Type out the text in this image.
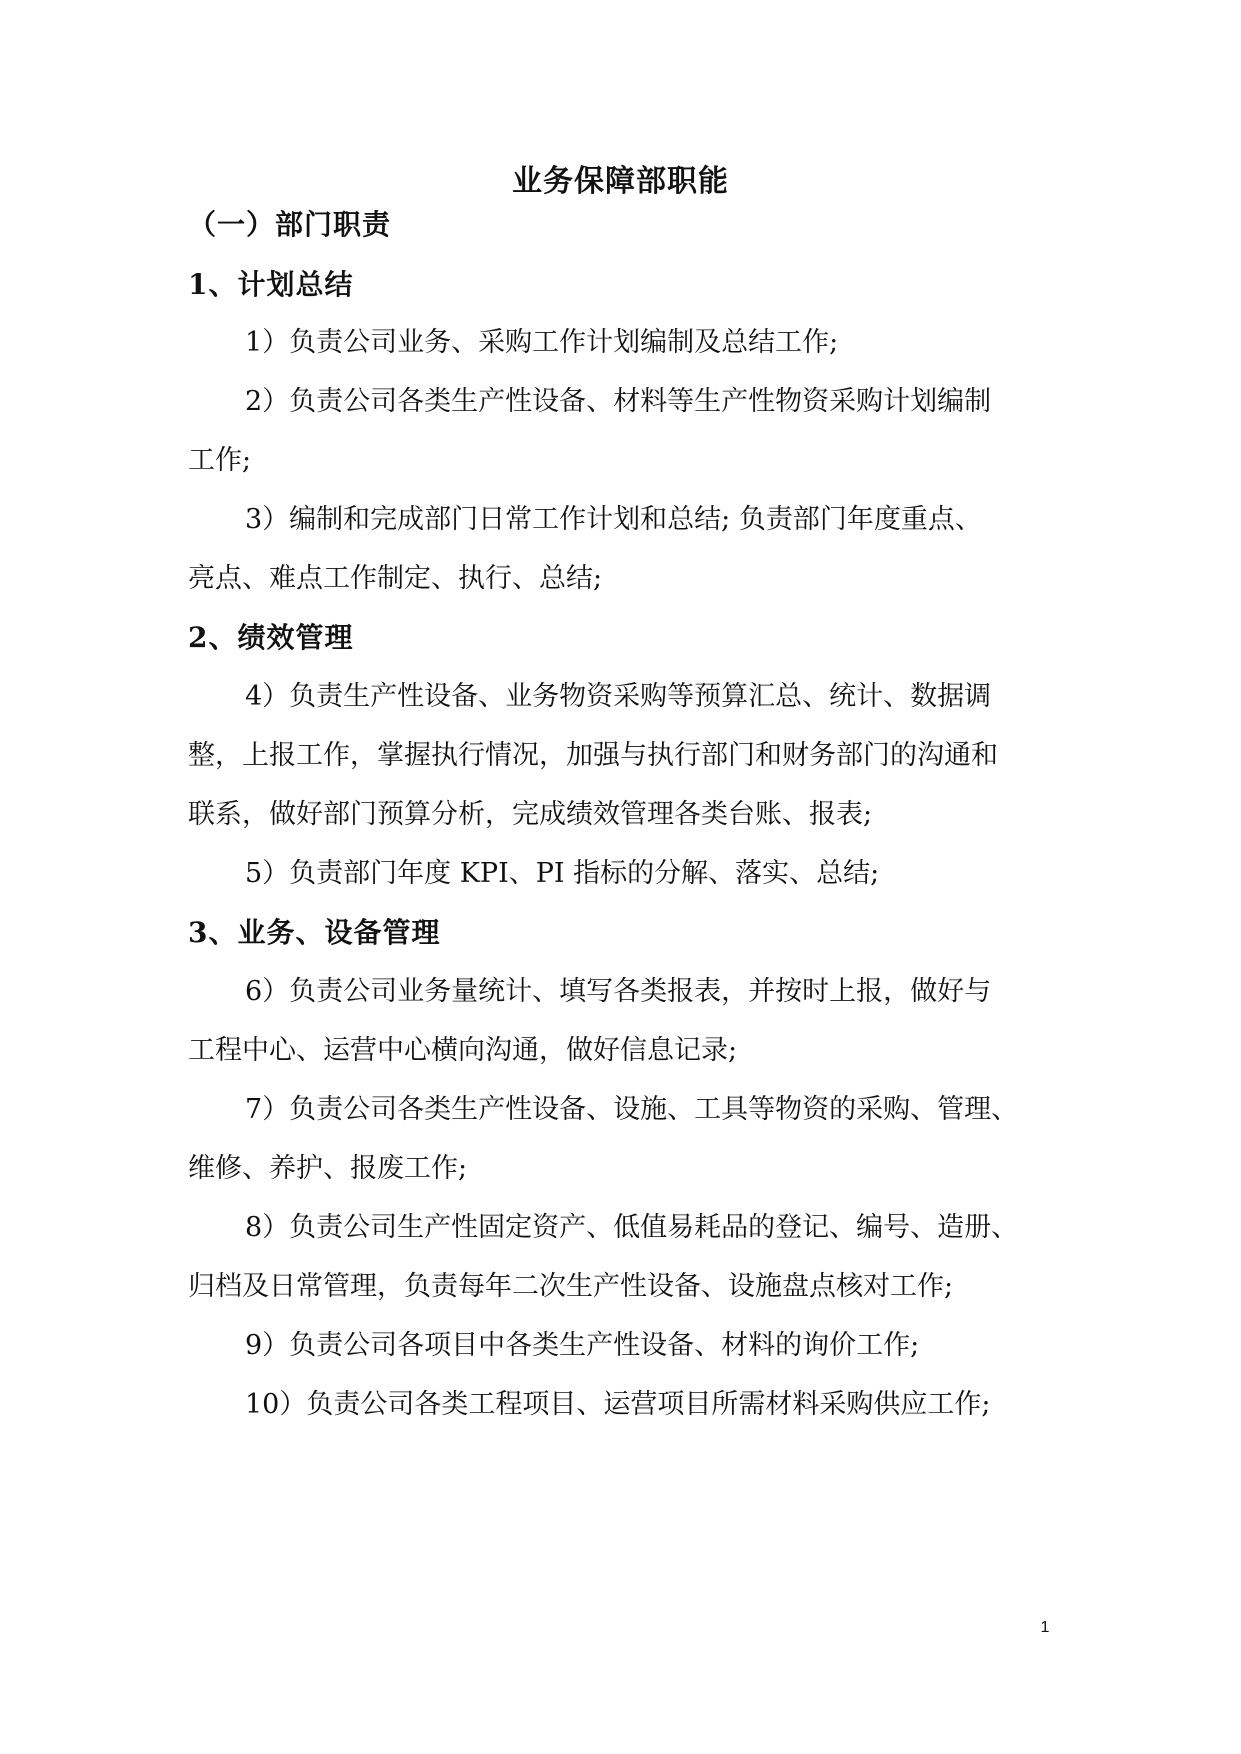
业务保障部职能

（一）部门职责

1、计划总结

1）负责公司业务、采购工作计划编制及总结工作;

2）负责公司各类生产性设备、材料等生产性物资采购计划编制

工作;

3）编制和完成部门日常工作计划和总结; 负责部门年度重点、

亮点、难点工作制定、执行、总结;

2、绩效管理

4）负责生产性设备、业务物资采购等预算汇总、统计、数据调

整，上报工作，掌握执行情况，加强与执行部门和财务部门的沟通和

联系，做好部门预算分析，完成绩效管理各类台账、报表;

5）负责部门年度 KPI、PI 指标的分解、落实、总结;

3、业务、设备管理

6）负责公司业务量统计、填写各类报表，并按时上报，做好与

工程中心、运营中心横向沟通，做好信息记录;

7）负责公司各类生产性设备、设施、工具等物资的采购、管理、

维修、养护、报废工作;

8）负责公司生产性固定资产、低值易耗品的登记、编号、造册、

归档及日常管理，负责每年二次生产性设备、设施盘点核对工作;

9）负责公司各项目中各类生产性设备、材料的询价工作;

10）负责公司各类工程项目、运营项目所需材料采购供应工作;

1
